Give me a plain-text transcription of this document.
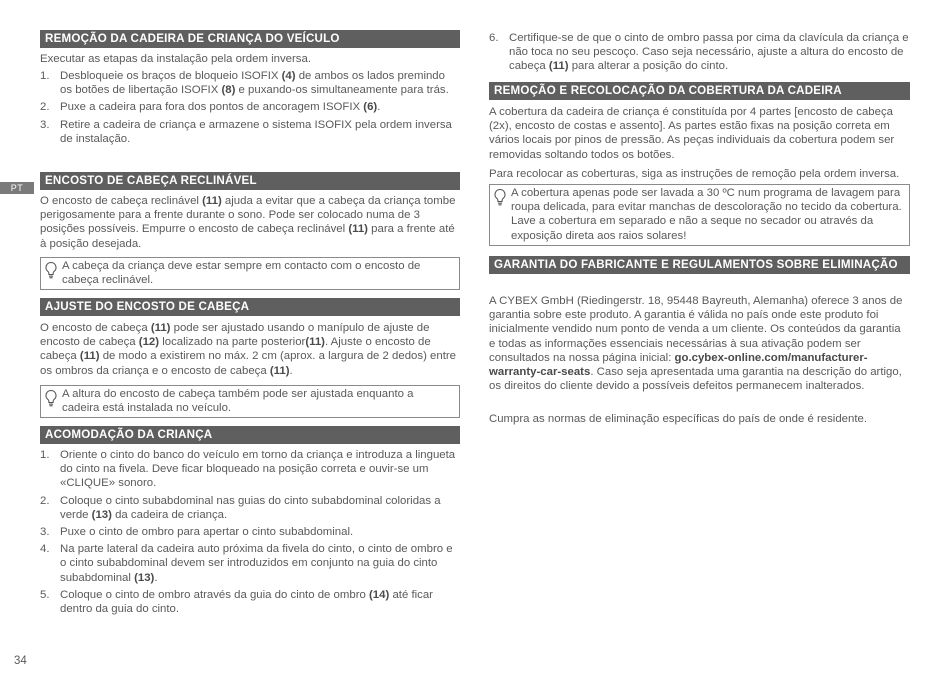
PT
34
REMOÇÃO DA CADEIRA DE CRIANÇA DO VEÍCULO

Executar as etapas da instalação pela ordem inversa.

1. Desbloqueie os braços de bloqueio ISOFIX (4) de ambos os lados premindo os botões de libertação ISOFIX (8) e puxando-os simultaneamente para trás.
2. Puxe a cadeira para fora dos pontos de ancoragem ISOFIX (6).
3. Retire a cadeira de criança e armazene o sistema ISOFIX pela ordem inversa de instalação.
ENCOSTO DE CABEÇA RECLINÁVEL

O encosto de cabeça reclinável (11) ajuda a evitar que a cabeça da criança tombe perigosamente para a frente durante o sono. Pode ser colocado numa de 3 posições possíveis. Empurre o encosto de cabeça reclinável (11) para a frente até à posição desejada.

A cabeça da criança deve estar sempre em contacto com o encosto de cabeça reclinável.
AJUSTE DO ENCOSTO DE CABEÇA

O encosto de cabeça (11) pode ser ajustado usando o manípulo de ajuste de encosto de cabeça (12) localizado na parte posterior(11). Ajuste o encosto de cabeça (11) de modo a existirem no máx. 2 cm (aprox. a largura de 2 dedos) entre os ombros da criança e o encosto de cabeça (11).

A altura do encosto de cabeça também pode ser ajustada enquanto a cadeira está instalada no veículo.
ACOMODAÇÃO DA CRIANÇA
1. Oriente o cinto do banco do veículo em torno da criança e introduza a lingueta do cinto na fivela. Deve ficar bloqueado na posição correta e ouvir-se um «CLIQUE» sonoro.
2. Coloque o cinto subabdominal nas guias do cinto subabdominal coloridas a verde (13) da cadeira de criança.
3. Puxe o cinto de ombro para apertar o cinto subabdominal.
4. Na parte lateral da cadeira auto próxima da fivela do cinto, o cinto de ombro e o cinto subabdominal devem ser introduzidos em conjunto na guia do cinto subabdominal (13).
5. Coloque o cinto de ombro através da guia do cinto de ombro (14) até ficar dentro da guia do cinto.
6. Certifique-se de que o cinto de ombro passa por cima da clavícula da criança e não toca no seu pescoço. Caso seja necessário, ajuste a altura do encosto de cabeça (11) para alterar a posição do cinto.
REMOÇÃO E RECOLOCAÇÃO DA COBERTURA DA CADEIRA

A cobertura da cadeira de criança é constituída por 4 partes [encosto de cabeça (2x), encosto de costas e assento]. As partes estão fixas na posição correta em vários locais por pinos de pressão. As peças individuais da cobertura podem ser removidas soltando todos os botões.

Para recolocar as coberturas, siga as instruções de remoção pela ordem inversa.

A cobertura apenas pode ser lavada a 30 ºC num programa de lavagem para roupa delicada, para evitar manchas de descoloração no tecido da cobertura. Lave a cobertura em separado e não a seque no secador ou através da exposição direta aos raios solares!
GARANTIA DO FABRICANTE E REGULAMENTOS SOBRE ELIMINAÇÃO

A CYBEX GmbH (Riedingerstr. 18, 95448 Bayreuth, Alemanha) oferece 3 anos de garantia sobre este produto. A garantia é válida no país onde este produto foi inicialmente vendido num ponto de venda a um cliente. Os conteúdos da garantia e todas as informações essenciais necessárias à sua ativação podem ser consultados na nossa página inicial: go.cybex-online.com/manufacturer-warranty-car-seats. Caso seja apresentada uma garantia na descrição do artigo, os direitos do cliente devido a possíveis defeitos permanecem inalterados.

Cumpra as normas de eliminação específicas do país de onde é residente.
